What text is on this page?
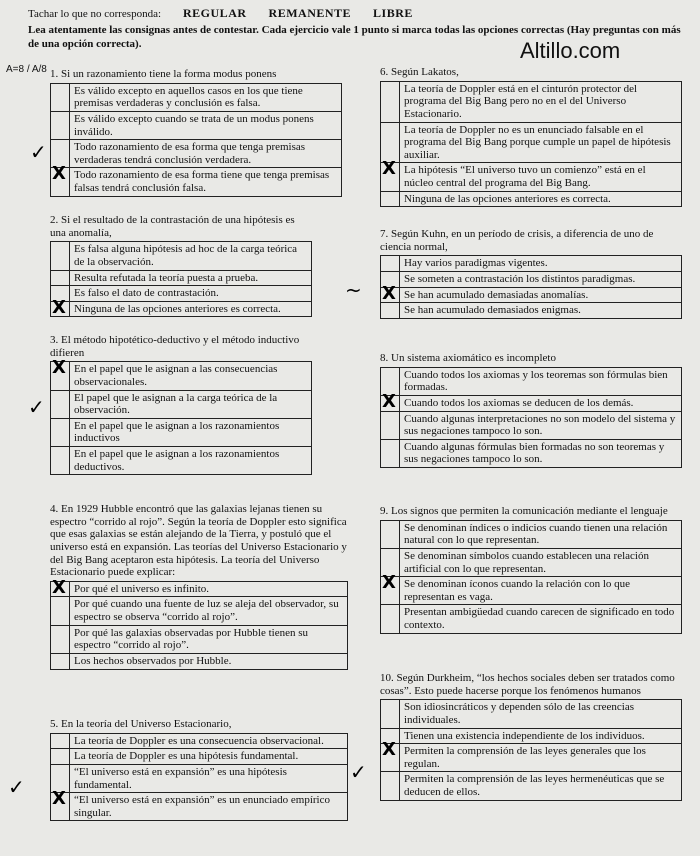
Tachar lo que no corresponda: REGULAR REMANENTE LIBRE
Lea atentamente las consignas antes de contestar. Cada ejercicio vale 1 punto si marca todas las opciones correctas (Hay preguntas con más de una opción correcta).	Altillo.com
A=8 / A/8 1. Si un razonamiento tiene la forma modus ponens
	Es válido excepto en aquellos casos en los que tiene premisas verdaderas y conclusión es falsa.

	Es válido excepto cuando se trata de un modus ponens inválido.

	Todo razonamiento de esa forma que tenga premisas verdaderas tendrá conclusión verdadera.

X	Todo razonamiento de esa forma tiene que tenga premisas falsas tendrá conclusión falsa.
2. Si el resultado de la contrastación de una hipótesis es una anomalía,
	Es falsa alguna hipótesis ad hoc de la carga teórica de la observación.

	Resulta refutada la teoría puesta a prueba.

	Es falso el dato de contrastación.

X	Ninguna de las opciones anteriores es correcta.
3. El método hipotético-deductivo y el método inductivo difieren
X	En el papel que le asignan a las consecuencias observacionales.

	El papel que le asignan a la carga teórica de la observación.

	En el papel que le asignan a los razonamientos inductivos

	En el papel que le asignan a los razonamientos deductivos.
4. En 1929 Hubble encontró que las galaxias lejanas tienen su espectro “corrido al rojo”. Según la teoría de Doppler esto significa que esas galaxias se están alejando de la Tierra, y postuló que el universo está en expansión. Las teorías del Universo Estacionario y del Big Bang aceptaron esta hipótesis. La teoría del Universo Estacionario puede explicar:
X	Por qué el universo es infinito.

	Por qué cuando una fuente de luz se aleja del observador, su espectro se observa “corrido al rojo”.

	Por qué las galaxias observadas por Hubble tienen su espectro “corrido al rojo”.

	Los hechos observados por Hubble.
5. En la teoría del Universo Estacionario,
	La teoría de Doppler es una consecuencia observacional.

	La teoría de Doppler es una hipótesis fundamental.

	“El universo está en expansión” es una hipótesis fundamental.

X	“El universo está en expansión” es un enunciado empírico singular.
6. Según Lakatos,
	La teoría de Doppler está en el cinturón protector del programa del Big Bang pero no en el del Universo Estacionario.

	La teoría de Doppler no es un enunciado falsable en el programa del Big Bang porque cumple un papel de hipótesis auxiliar.

X	La hipótesis “El universo tuvo un comienzo” está en el núcleo central del programa del Big Bang.

	Ninguna de las opciones anteriores es correcta.
7. Según Kuhn, en un período de crisis, a diferencia de uno de ciencia normal,
	Hay varios paradigmas vigentes.

	Se someten a contrastación los distintos paradigmas.

X	Se han acumulado demasiadas anomalías.

	Se han acumulado demasiados enigmas.
8. Un sistema axiomático es incompleto
	Cuando todos los axiomas y los teoremas son fórmulas bien formadas.

X	Cuando todos los axiomas se deducen de los demás.

	Cuando algunas interpretaciones no son modelo del sistema y sus negaciones tampoco lo son.

	Cuando algunas fórmulas bien formadas no son teoremas y sus negaciones tampoco lo son.
9. Los signos que permiten la comunicación mediante el lenguaje
	Se denominan índices o indicios cuando tienen una relación natural con lo que representan.

	Se denominan símbolos cuando establecen una relación artificial con lo que representan.

X	Se denominan íconos cuando la relación con lo que representan es vaga.

	Presentan ambigüedad cuando carecen de significado en todo contexto.
10. Según Durkheim, “los hechos sociales deben ser tratados como cosas”. Esto puede hacerse porque los fenómenos humanos
	Son idiosincráticos y dependen sólo de las creencias individuales.

	Tienen una existencia independiente de los individuos.

X	Permiten la comprensión de las leyes generales que los regulan.

	Permiten la comprensión de las leyes hermenéuticas que se deducen de ellos.
✓
~
✓
✓
✓
